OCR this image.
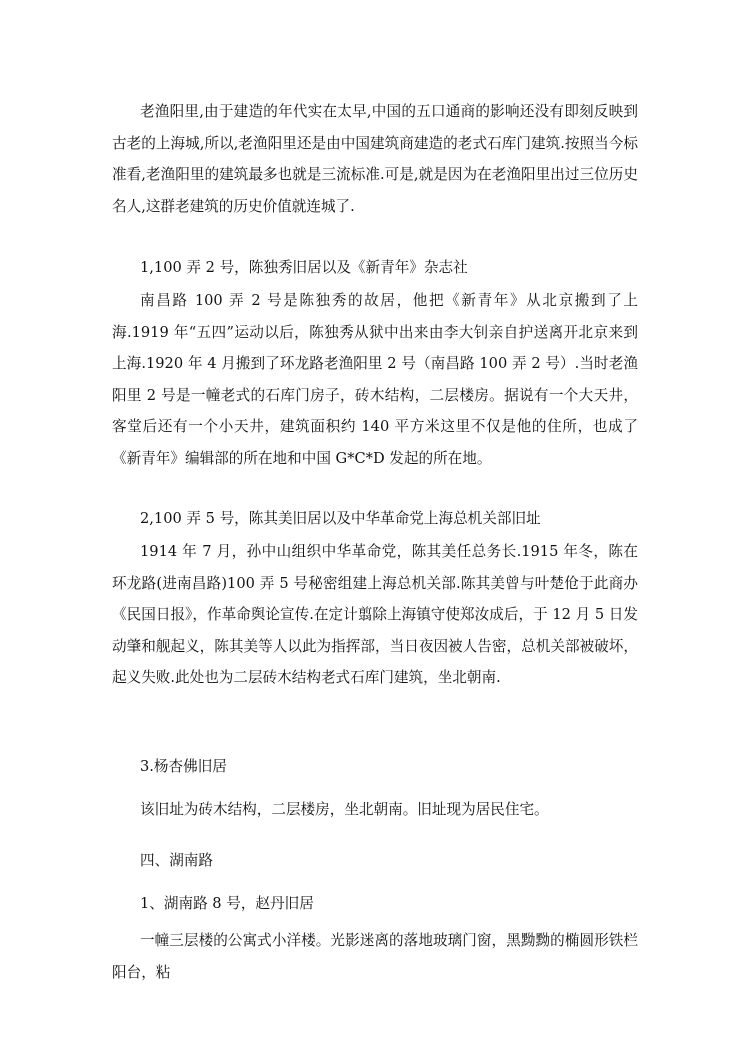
老渔阳里,由于建造的年代实在太早,中国的五口通商的影响还没有即刻反映到古老的上海城,所以,老渔阳里还是由中国建筑商建造的老式石库门建筑.按照当今标准看,老渔阳里的建筑最多也就是三流标准.可是,就是因为在老渔阳里出过三位历史名人,这群老建筑的历史价值就连城了.

1,100 弄 2 号，陈独秀旧居以及《新青年》杂志社

南昌路 100 弄 2 号是陈独秀的故居，他把《新青年》从北京搬到了上海.1919 年“五四”运动以后，陈独秀从狱中出来由李大钊亲自护送离开北京来到上海.1920 年 4 月搬到了环龙路老渔阳里 2 号（南昌路 100 弄 2 号）.当时老渔阳里 2 号是一幢老式的石库门房子，砖木结构，二层楼房。据说有一个大天井，客堂后还有一个小天井，建筑面积约 140 平方米这里不仅是他的住所，也成了《新青年》编辑部的所在地和中国 G*C*D 发起的所在地。

2,100 弄 5 号，陈其美旧居以及中华革命党上海总机关部旧址

1914 年 7 月，孙中山组织中华革命党，陈其美任总务长.1915 年冬，陈在环龙路(进南昌路)100 弄 5 号秘密组建上海总机关部.陈其美曾与叶楚伧于此商办《民国日报》，作革命舆论宣传.在定计翦除上海镇守使郑汝成后，于 12 月 5 日发动肇和舰起义，陈其美等人以此为指挥部，当日夜因被人告密，总机关部被破坏，起义失败.此处也为二层砖木结构老式石库门建筑，坐北朝南.

3.杨杏佛旧居

该旧址为砖木结构，二层楼房，坐北朝南。旧址现为居民住宅。

四、湖南路

1、湖南路 8 号，赵丹旧居

一幢三层楼的公寓式小洋楼。光影迷离的落地玻璃门窗，黑黝黝的椭圆形铁栏阳台，粘
